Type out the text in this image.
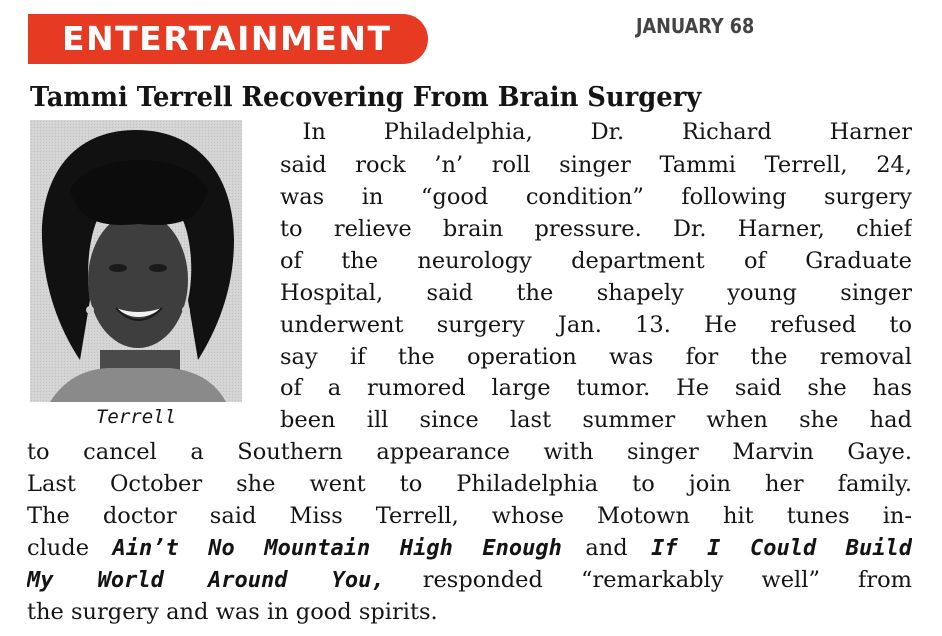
ENTERTAINMENT	JANUARY 68
Tammi Terrell Recovering From Brain Surgery
Terrell
 In Philadelphia, Dr. Richard Harner
said rock ’n’ roll singer Tammi Terrell, 24,
was in “good condition” following surgery
to relieve brain pressure. Dr. Harner, chief
of the neurology department of Graduate
Hospital, said the shapely young singer
underwent surgery Jan. 13. He refused to
say if the operation was for the removal
of a rumored large tumor. He said she has
been ill since last summer when she had
to cancel a Southern appearance with singer Marvin Gaye.
Last October she went to Philadelphia to join her family.
The doctor said Miss Terrell, whose Motown hit tunes in-
clude Ain’t No Mountain High Enough and If I Could Build
My World Around You, responded “remarkably well” from
the surgery and was in good spirits.
